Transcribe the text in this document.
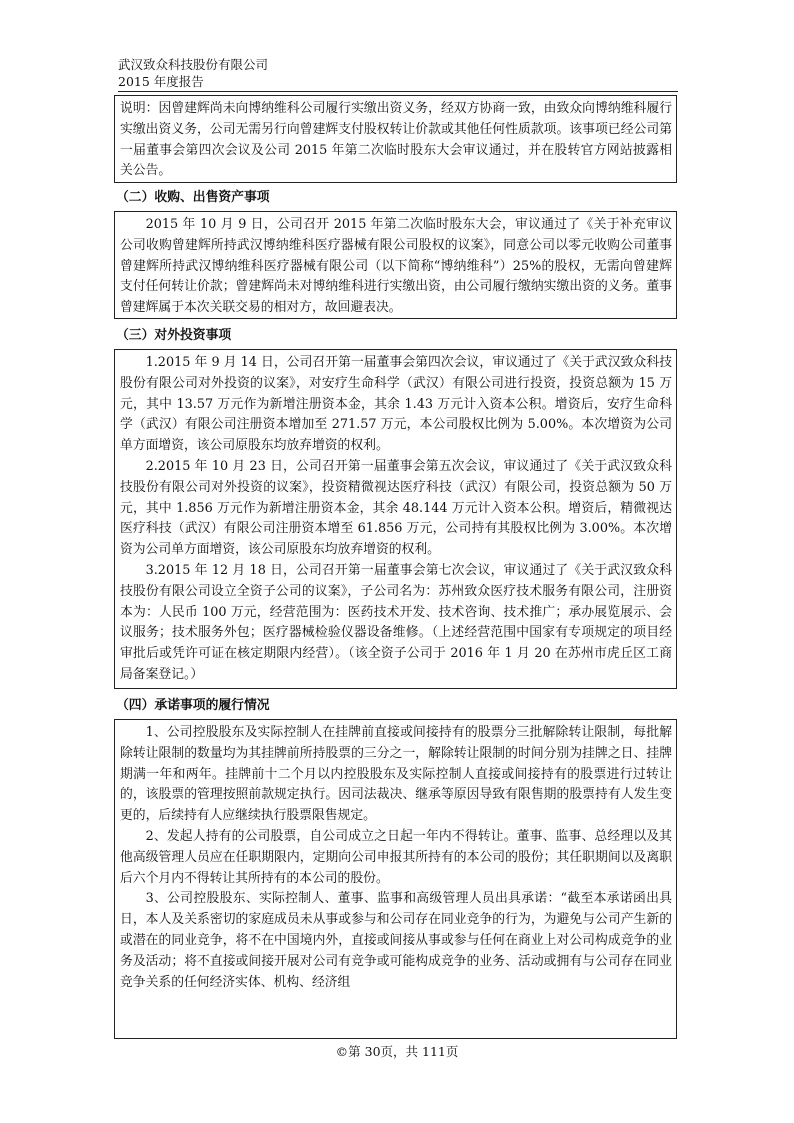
武汉致众科技股份有限公司
2015 年度报告

说明：因曾建辉尚未向博纳维科公司履行实缴出资义务，经双方协商一致，由致众向博纳维科履行实缴出资义务，公司无需另行向曾建辉支付股权转让价款或其他任何性质款项。该事项已经公司第一届董事会第四次会议及公司 2015 年第二次临时股东大会审议通过，并在股转官方网站披露相关公告。

（二）收购、出售资产事项

2015 年 10 月 9 日，公司召开 2015 年第二次临时股东大会，审议通过了《关于补充审议公司收购曾建辉所持武汉博纳维科医疗器械有限公司股权的议案》，同意公司以零元收购公司董事曾建辉所持武汉博纳维科医疗器械有限公司（以下简称“博纳维科”）25%的股权，无需向曾建辉支付任何转让价款；曾建辉尚未对博纳维科进行实缴出资，由公司履行缴纳实缴出资的义务。董事曾建辉属于本次关联交易的相对方，故回避表决。

（三）对外投资事项

1.2015 年 9 月 14 日，公司召开第一届董事会第四次会议，审议通过了《关于武汉致众科技股份有限公司对外投资的议案》，对安疗生命科学（武汉）有限公司进行投资，投资总额为 15 万元，其中 13.57 万元作为新增注册资本金，其余 1.43 万元计入资本公积。增资后，安疗生命科学（武汉）有限公司注册资本增加至 271.57 万元，本公司股权比例为 5.00%。本次增资为公司单方面增资，该公司原股东均放弃增资的权利。

2.2015 年 10 月 23 日，公司召开第一届董事会第五次会议，审议通过了《关于武汉致众科技股份有限公司对外投资的议案》，投资精微视达医疗科技（武汉）有限公司，投资总额为 50 万元，其中 1.856 万元作为新增注册资本金，其余 48.144 万元计入资本公积。增资后，精微视达医疗科技（武汉）有限公司注册资本增至 61.856 万元，公司持有其股权比例为 3.00%。本次增资为公司单方面增资，该公司原股东均放弃增资的权利。

3.2015 年 12 月 18 日，公司召开第一届董事会第七次会议，审议通过了《关于武汉致众科技股份有限公司设立全资子公司的议案》，子公司名为：苏州致众医疗技术服务有限公司，注册资本为：人民币 100 万元，经营范围为：医药技术开发、技术咨询、技术推广；承办展览展示、会议服务；技术服务外包；医疗器械检验仪器设备维修。（上述经营范围中国家有专项规定的项目经审批后或凭许可证在核定期限内经营）。（该全资子公司于 2016 年 1 月 20 在苏州市虎丘区工商局备案登记。）

（四）承诺事项的履行情况

1、公司控股股东及实际控制人在挂牌前直接或间接持有的股票分三批解除转让限制，每批解除转让限制的数量均为其挂牌前所持股票的三分之一，解除转让限制的时间分别为挂牌之日、挂牌期满一年和两年。挂牌前十二个月以内控股股东及实际控制人直接或间接持有的股票进行过转让的，该股票的管理按照前款规定执行。因司法裁决、继承等原因导致有限售期的股票持有人发生变更的，后续持有人应继续执行股票限售规定。

2、发起人持有的公司股票，自公司成立之日起一年内不得转让。董事、监事、总经理以及其他高级管理人员应在任职期限内，定期向公司申报其所持有的本公司的股份；其任职期间以及离职后六个月内不得转让其所持有的本公司的股份。

3、公司控股股东、实际控制人、董事、监事和高级管理人员出具承诺：“截至本承诺函出具日，本人及关系密切的家庭成员未从事或参与和公司存在同业竞争的行为，为避免与公司产生新的或潜在的同业竞争，将不在中国境内外，直接或间接从事或参与任何在商业上对公司构成竞争的业务及活动；将不直接或间接开展对公司有竞争或可能构成竞争的业务、活动或拥有与公司存在同业竞争关系的任何经济实体、机构、经济组

©第 30页，共 111页
